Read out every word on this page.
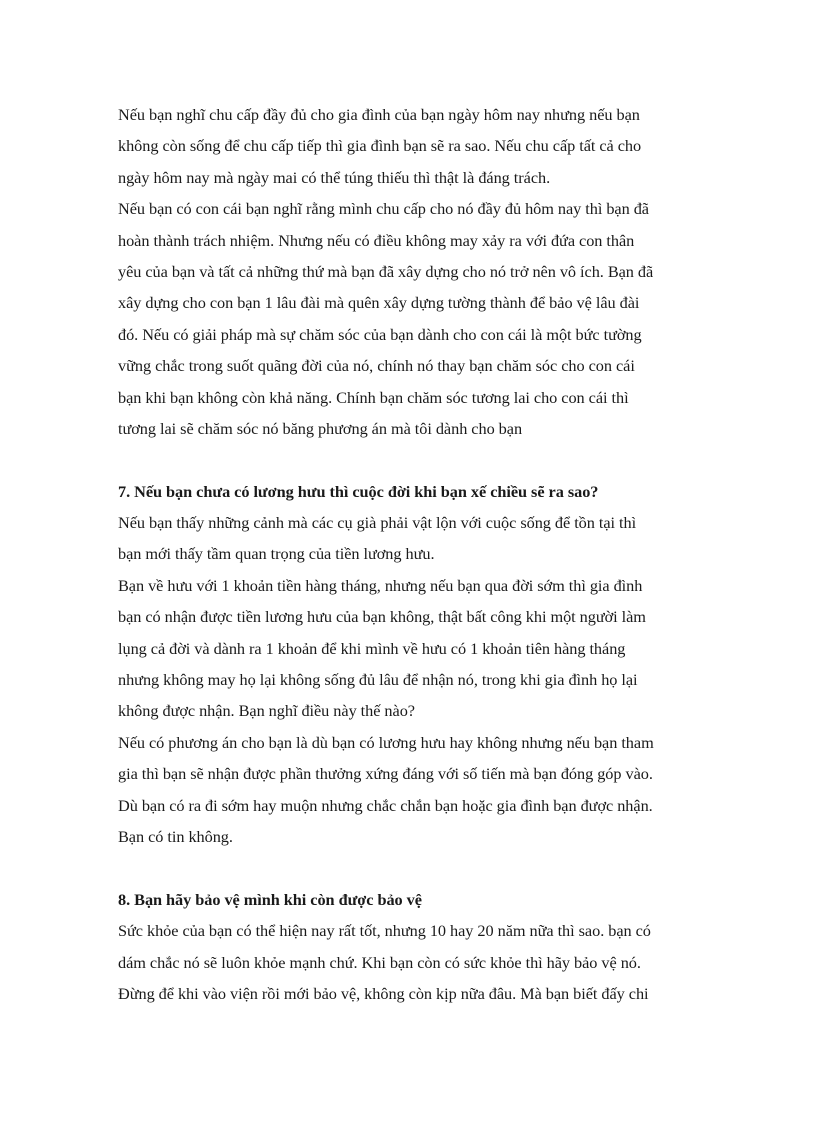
Nếu bạn nghĩ chu cấp đầy đủ cho gia đình của bạn ngày hôm nay nhưng nếu bạn
không còn sống để chu cấp tiếp thì gia đình bạn sẽ ra sao. Nếu chu cấp tất cả cho
ngày hôm nay mà ngày mai có thể túng thiếu thì thật là đáng trách.
Nếu bạn có con cái bạn nghĩ rằng mình chu cấp cho nó đầy đủ hôm nay thì bạn đã
hoàn thành trách nhiệm. Nhưng nếu có điều không may xảy ra với đứa con thân
yêu của bạn và tất cả những thứ mà bạn đã xây dựng cho nó trở nên vô ích. Bạn đã
xây dựng cho con bạn 1 lâu đài mà quên xây dựng tường thành để bảo vệ lâu đài
đó. Nếu có giải pháp mà sự chăm sóc của bạn dành cho con cái là một bức tường
vững chắc trong suốt quãng đời của nó, chính nó thay bạn chăm sóc cho con cái
bạn khi bạn không còn khả năng. Chính bạn chăm sóc tương lai cho con cái thì
tương lai sẽ chăm sóc nó băng phương án mà tôi dành cho bạn
7. Nếu bạn chưa có lương hưu thì cuộc đời khi bạn xế chiều sẽ ra sao?
Nếu bạn thấy những cảnh mà các cụ già phải vật lộn với cuộc sống để tồn tại thì
bạn mới thấy tầm quan trọng của tiền lương hưu.
Bạn về hưu với 1 khoản tiền hàng tháng, nhưng nếu bạn qua đời sớm thì gia đình
bạn có nhận được tiền lương hưu của bạn không, thật bất công khi một người làm
lụng cả đời và dành ra 1 khoản để khi mình về hưu có 1 khoản tiên hàng tháng
nhưng không may họ lại không sống đủ lâu để nhận nó, trong khi gia đình họ lại
không được nhận. Bạn nghĩ điều này thế nào?
Nếu có phương án cho bạn là dù bạn có lương hưu hay không nhưng nếu bạn tham
gia thì bạn sẽ nhận được phần thưởng xứng đáng với số tiến mà bạn đóng góp vào.
Dù bạn có ra đi sớm hay muộn nhưng chắc chắn bạn hoặc gia đình bạn được nhận.
Bạn có tin không.
8. Bạn hãy bảo vệ mình khi còn được bảo vệ
Sức khỏe của bạn có thể hiện nay rất tốt, nhưng 10 hay 20 năm nữa thì sao. bạn có
dám chắc nó sẽ luôn khỏe mạnh chứ. Khi bạn còn có sức khỏe thì hãy bảo vệ nó.
Đừng để khi vào viện rồi mới bảo vệ, không còn kịp nữa đâu. Mà bạn biết đấy chi
